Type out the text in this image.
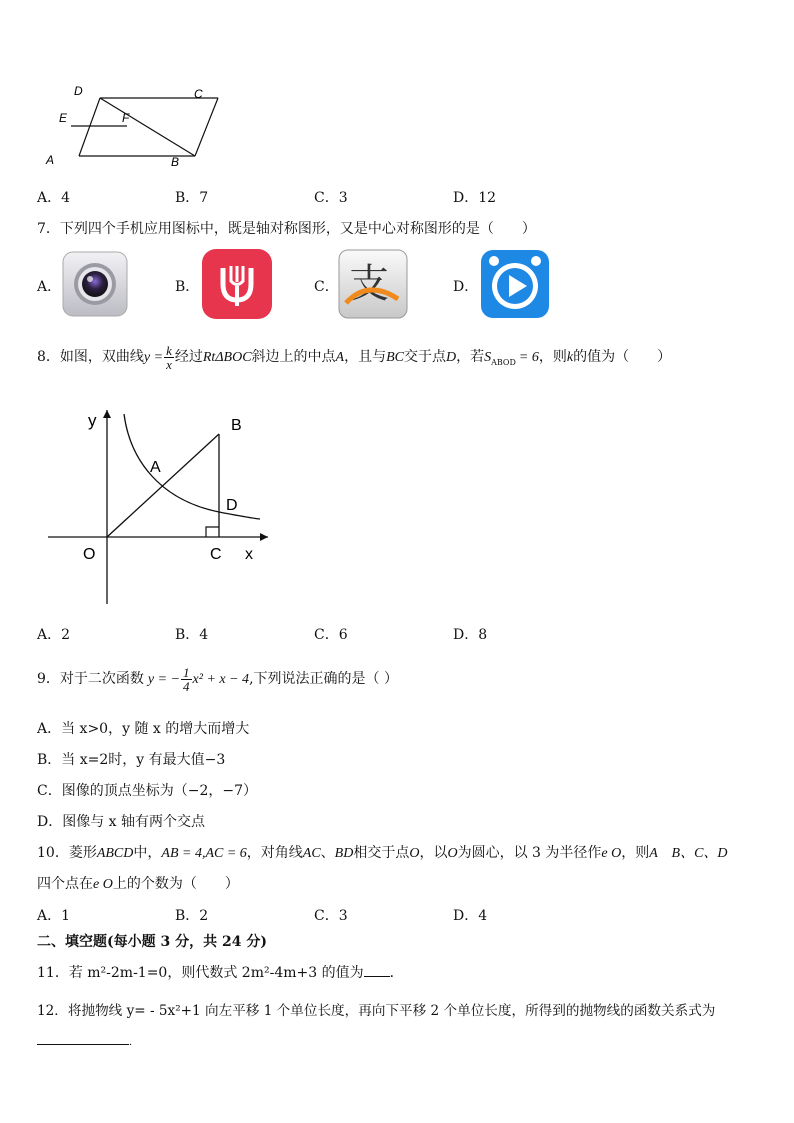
D	C
E	F
A	B
A．4	B．7	C．3	D．12
7．下列四个手机应用图标中，既是轴对称图形，又是中心对称图形的是（　　）
A．	B．	C． 支	D．
8．如图，双曲线$y = \frac{k}{x}$ 经过RtΔBOC斜边上的中点A，且与BC交于点D，若$S_{ABOD} = 6$，则k的值为（　　）
y	B
A
D
O	C x
A．2	B．4	C．6	D．8
9．对于二次函数 y = − $\frac{1}{4} x^2 + x - 4$,下列说法正确的是（ ）
A．当 x>0，y 随 x 的增大而增大
B．当 x=2时，y 有最大值−3
C．图像的顶点坐标为（−2，−7）
D．图像与 x 轴有两个交点
10．菱形ABCD中，AB = 4,AC = 6，对角线AC、BD相交于点O，以O为圆心，以 3 为半径作e O，则A　B、C、D
四个点在e O上的个数为（　　）
A．1	B．2	C．3	D．4
二、填空题(每小题 3 分，共 24 分)
11．若 m²-2m-1=0，则代数式 2m²-4m+3 的值为 ．
12．将抛物线 y= - 5x²+1 向左平移 1 个单位长度，再向下平移 2 个单位长度，所得到的抛物线的函数关系式为
．
